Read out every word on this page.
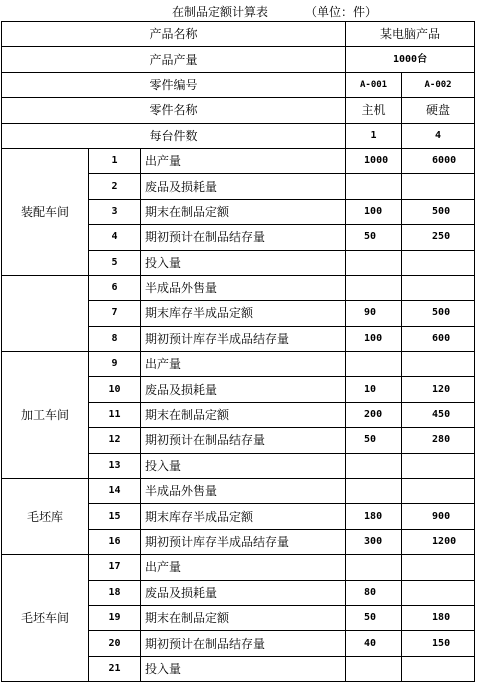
在制品定额计算表	（单位：件）
产品名称			某电脑产品	
产品产量			1000台	
零件编号			A-001	A-002
零件名称			主机	硬盘
每台件数			1	4
装配车间	1	出产量	1000	6000
	2	废品及损耗量		
	3	期末在制品定额	100	500
	4	期初预计在制品结存量	50	250
	5	投入量		
	6	半成品外售量		
	7	期末库存半成品定额	90	500
	8	期初预计库存半成品结存量	100	600
加工车间	9	出产量		
	10	废品及损耗量	10	120
	11	期末在制品定额	200	450
	12	期初预计在制品结存量	50	280
	13	投入量		
毛坯库	14	半成品外售量		
	15	期末库存半成品定额	180	900
	16	期初预计库存半成品结存量	300	1200
毛坯车间	17	出产量		
	18	废品及损耗量	80	
	19	期末在制品定额	50	180
	20	期初预计在制品结存量	40	150
	21	投入量		
